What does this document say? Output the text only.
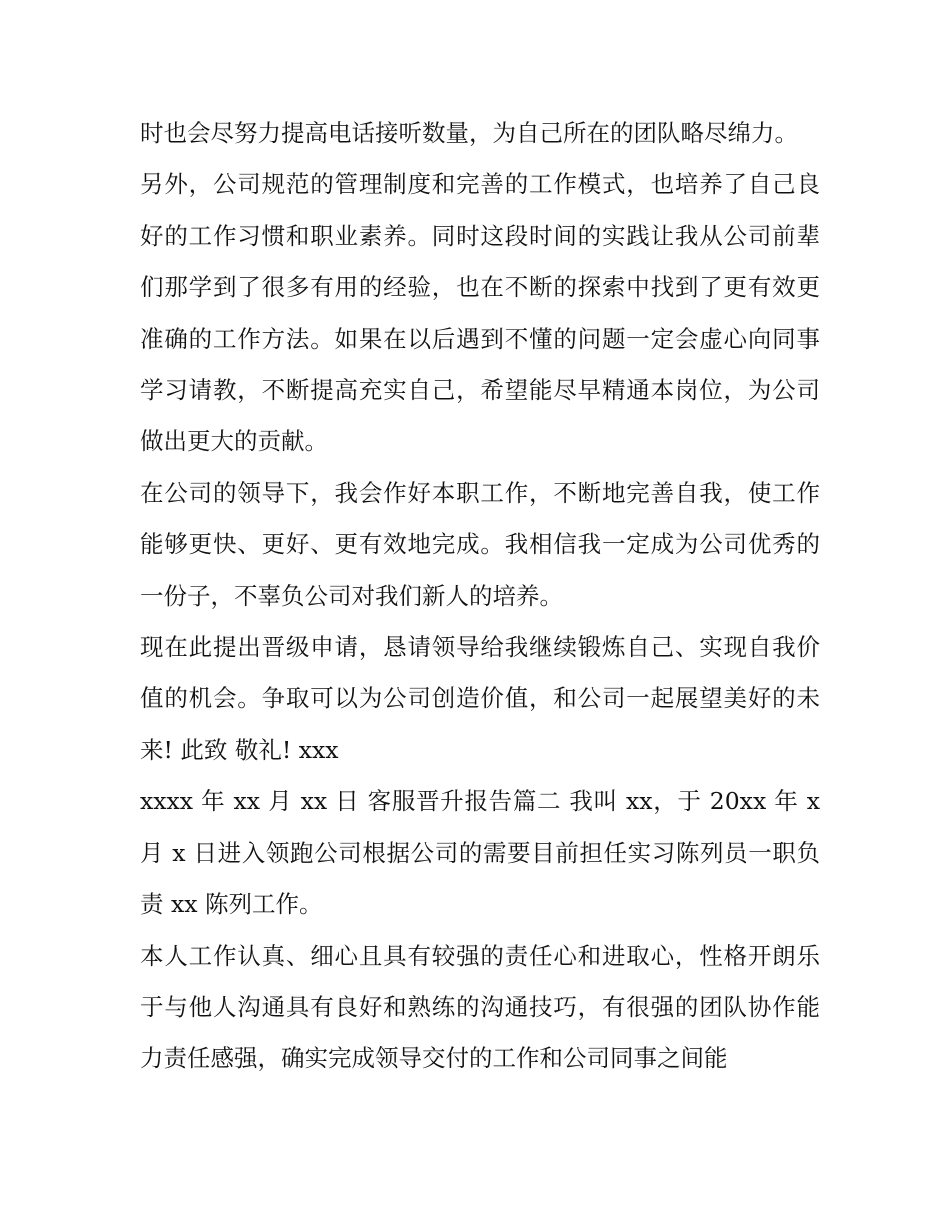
时也会尽努力提高电话接听数量，为自己所在的团队略尽绵力。

另外，公司规范的管理制度和完善的工作模式，也培养了自己良好的工作习惯和职业素养。同时这段时间的实践让我从公司前辈们那学到了很多有用的经验，也在不断的探索中找到了更有效更准确的工作方法。如果在以后遇到不懂的问题一定会虚心向同事学习请教，不断提高充实自己，希望能尽早精通本岗位，为公司做出更大的贡献。

在公司的领导下，我会作好本职工作，不断地完善自我，使工作能够更快、更好、更有效地完成。我相信我一定成为公司优秀的一份子，不辜负公司对我们新人的培养。

现在此提出晋级申请，恳请领导给我继续锻炼自己、实现自我价值的机会。争取可以为公司创造价值，和公司一起展望美好的未来! 此致 敬礼! xxx

xxxx 年 xx 月 xx 日 客服晋升报告篇二 我叫 xx，于 20xx 年 x 月 x 日进入领跑公司根据公司的需要目前担任实习陈列员一职负责 xx 陈列工作。

本人工作认真、细心且具有较强的责任心和进取心，性格开朗乐于与他人沟通具有良好和熟练的沟通技巧，有很强的团队协作能力责任感强，确实完成领导交付的工作和公司同事之间能
